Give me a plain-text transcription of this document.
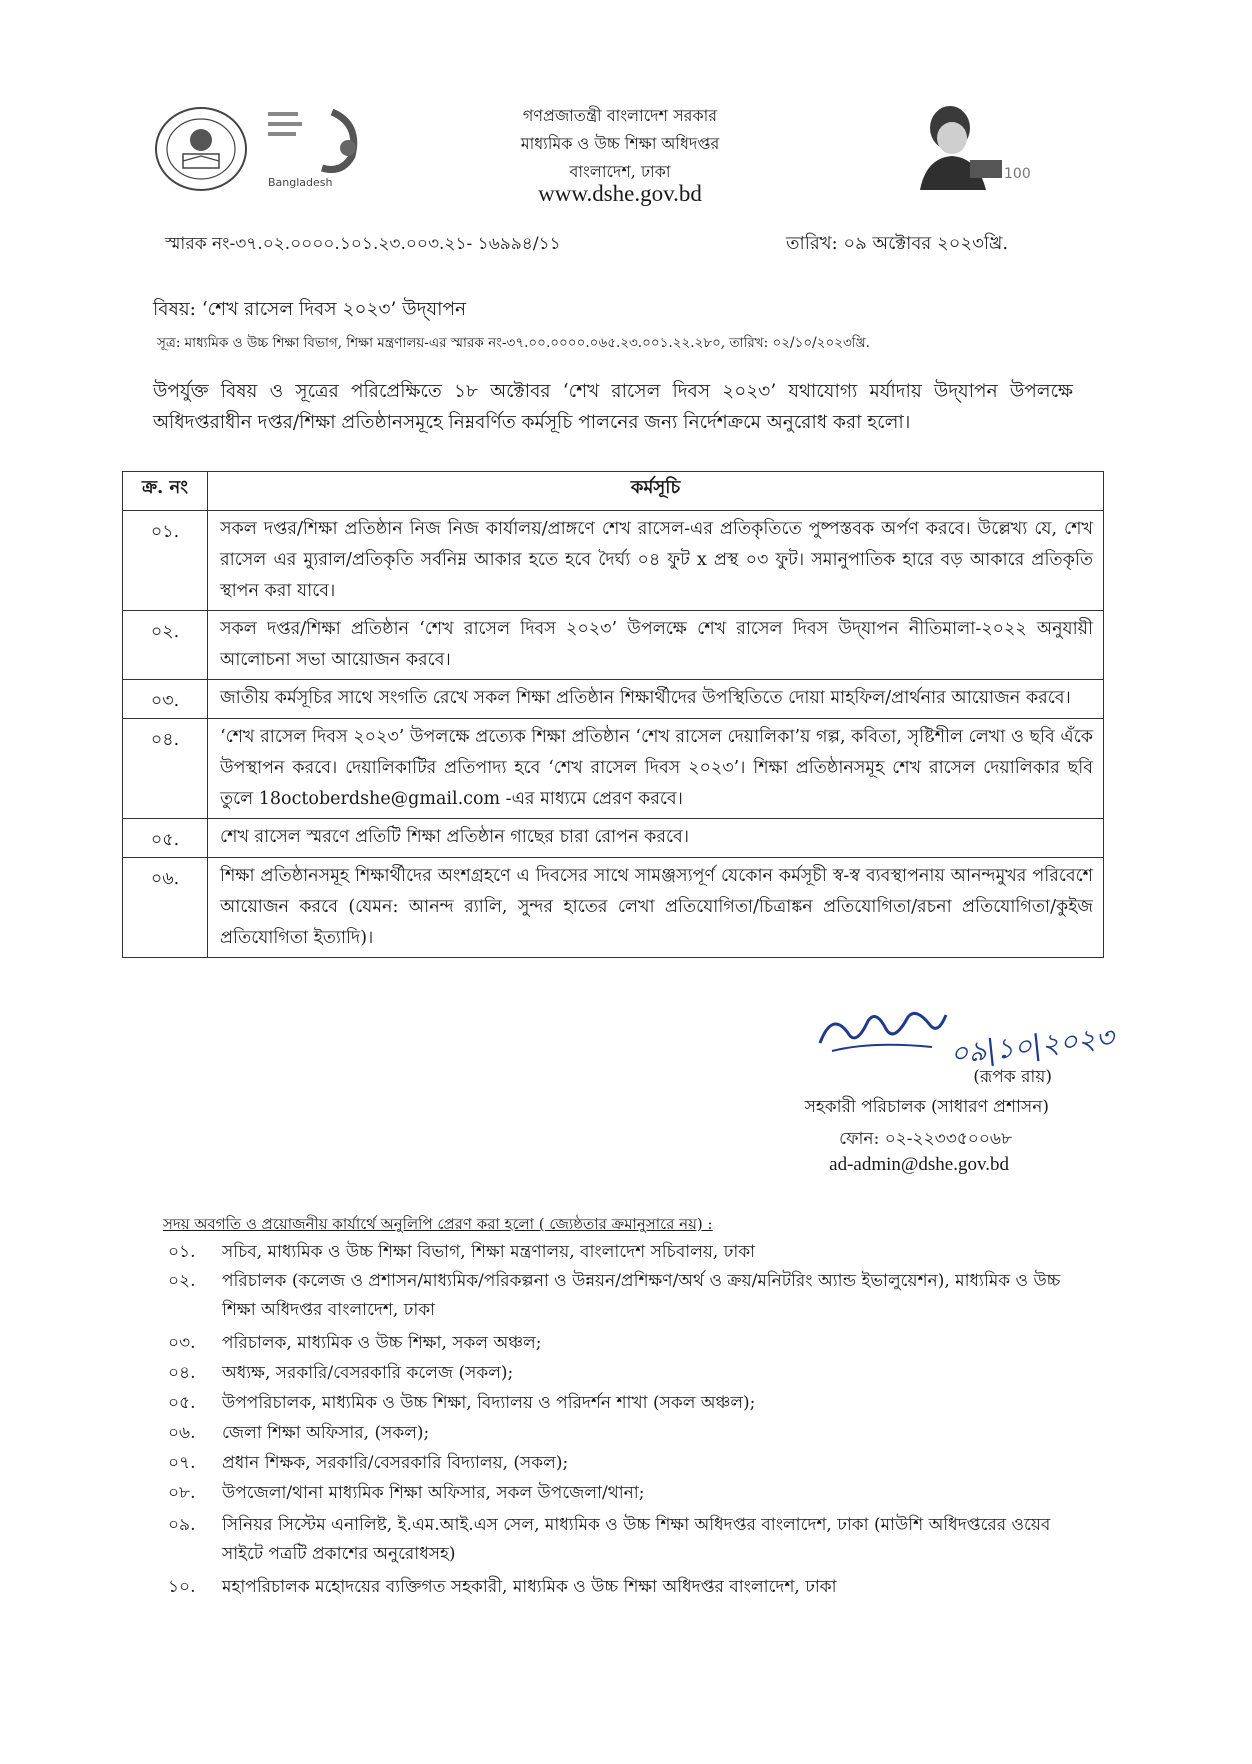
Bangladesh
গণপ্রজাতন্ত্রী বাংলাদেশ সরকার
মাধ্যমিক ও উচ্চ শিক্ষা অধিদপ্তর
বাংলাদেশ, ঢাকা
www.dshe.gov.bd
100
স্মারক নং-৩৭.০২.০০০০.১০১.২৩.০০৩.২১- ১৬৯৯৪/১১	তারিখ: ০৯ অক্টোবর ২০২৩খ্রি.
বিষয়: ‘শেখ রাসেল দিবস ২০২৩’ উদ্‌যাপন
সূত্র: মাধ্যমিক ও উচ্চ শিক্ষা বিভাগ, শিক্ষা মন্ত্রণালয়-এর স্মারক নং-৩৭.০০.০০০০.০৬৫.২৩.০০১.২২.২৮০, তারিখ: ০২/১০/২০২৩খ্রি.
উপর্যুক্ত বিষয় ও সূত্রের পরিপ্রেক্ষিতে ১৮ অক্টোবর ‘শেখ রাসেল দিবস ২০২৩’ যথাযোগ্য মর্যাদায় উদ্‌যাপন উপলক্ষে অধিদপ্তরাধীন দপ্তর/শিক্ষা প্রতিষ্ঠানসমূহে নিম্নবর্ণিত কর্মসূচি পালনের জন্য নির্দেশক্রমে অনুরোধ করা হলো।
ক্র. নং	কর্মসূচি
০১.	সকল দপ্তর/শিক্ষা প্রতিষ্ঠান নিজ নিজ কার্যালয়/প্রাঙ্গণে শেখ রাসেল-এর প্রতিকৃতিতে পুষ্পস্তবক অর্পণ করবে। উল্লেখ্য যে, শেখ রাসেল এর ম্যুরাল/প্রতিকৃতি সর্বনিম্ন আকার হতে হবে দৈর্ঘ্য ০৪ ফুট x প্রস্থ ০৩ ফুট। সমানুপাতিক হারে বড় আকারে প্রতিকৃতি স্থাপন করা যাবে।
০২.	সকল দপ্তর/শিক্ষা প্রতিষ্ঠান ‘শেখ রাসেল দিবস ২০২৩’ উপলক্ষে শেখ রাসেল দিবস উদ্‌যাপন নীতিমালা-২০২২ অনুযায়ী আলোচনা সভা আয়োজন করবে।
০৩.	জাতীয় কর্মসূচির সাথে সংগতি রেখে সকল শিক্ষা প্রতিষ্ঠান শিক্ষার্থীদের উপস্থিতিতে দোয়া মাহফিল/প্রার্থনার আয়োজন করবে।
০৪.	‘শেখ রাসেল দিবস ২০২৩’ উপলক্ষে প্রত্যেক শিক্ষা প্রতিষ্ঠান ‘শেখ রাসেল দেয়ালিকা’য় গল্প, কবিতা, সৃষ্টিশীল লেখা ও ছবি এঁকে উপস্থাপন করবে। দেয়ালিকাটির প্রতিপাদ্য হবে ‘শেখ রাসেল দিবস ২০২৩’। শিক্ষা প্রতিষ্ঠানসমূহ শেখ রাসেল দেয়ালিকার ছবি তুলে 18octoberdshe@gmail.com -এর মাধ্যমে প্রেরণ করবে।
০৫.	শেখ রাসেল স্মরণে প্রতিটি শিক্ষা প্রতিষ্ঠান গাছের চারা রোপন করবে।
০৬.	শিক্ষা প্রতিষ্ঠানসমূহ শিক্ষার্থীদের অংশগ্রহণে এ দিবসের সাথে সামঞ্জস্যপূর্ণ যেকোন কর্মসূচী স্ব-স্ব ব্যবস্থাপনায় আনন্দমুখর পরিবেশে আয়োজন করবে (যেমন: আনন্দ র‍্যালি, সুন্দর হাতের লেখা প্রতিযোগিতা/চিত্রাঙ্কন প্রতিযোগিতা/রচনা প্রতিযোগিতা/কুইজ প্রতিযোগিতা ইত্যাদি)।
০৯|১০|২০২৩
(রূপক রায়)
সহকারী পরিচালক (সাধারণ প্রশাসন)
ফোন: ০২-২২৩৩৫০০৬৮
ad-admin@dshe.gov.bd
সদয় অবগতি ও প্রয়োজনীয় কার্যার্থে অনুলিপি প্রেরণ করা হলো ( জ্যেষ্ঠতার ক্রমানুসারে নয়) :
০১.	সচিব, মাধ্যমিক ও উচ্চ শিক্ষা বিভাগ, শিক্ষা মন্ত্রণালয়, বাংলাদেশ সচিবালয়, ঢাকা
০২.	পরিচালক (কলেজ ও প্রশাসন/মাধ্যমিক/পরিকল্পনা ও উন্নয়ন/প্রশিক্ষণ/অর্থ ও ক্রয়/মনিটরিং অ্যান্ড ইভালুয়েশন), মাধ্যমিক ও উচ্চ শিক্ষা অধিদপ্তর বাংলাদেশ, ঢাকা
০৩.	পরিচালক, মাধ্যমিক ও উচ্চ শিক্ষা, সকল অঞ্চল;
০৪.	অধ্যক্ষ, সরকারি/বেসরকারি কলেজ (সকল);
০৫.	উপপরিচালক, মাধ্যমিক ও উচ্চ শিক্ষা, বিদ্যালয় ও পরিদর্শন শাখা (সকল অঞ্চল);
০৬.	জেলা শিক্ষা অফিসার, (সকল);
০৭.	প্রধান শিক্ষক, সরকারি/বেসরকারি বিদ্যালয়, (সকল);
০৮.	উপজেলা/থানা মাধ্যমিক শিক্ষা অফিসার, সকল উপজেলা/থানা;
০৯.	সিনিয়র সিস্টেম এনালিষ্ট, ই.এম.আই.এস সেল, মাধ্যমিক ও উচ্চ শিক্ষা অধিদপ্তর বাংলাদেশ, ঢাকা (মাউশি অধিদপ্তরের ওয়েব সাইটে পত্রটি প্রকাশের অনুরোধসহ)
১০.	মহাপরিচালক মহোদয়ের ব্যক্তিগত সহকারী, মাধ্যমিক ও উচ্চ শিক্ষা অধিদপ্তর বাংলাদেশ, ঢাকা
